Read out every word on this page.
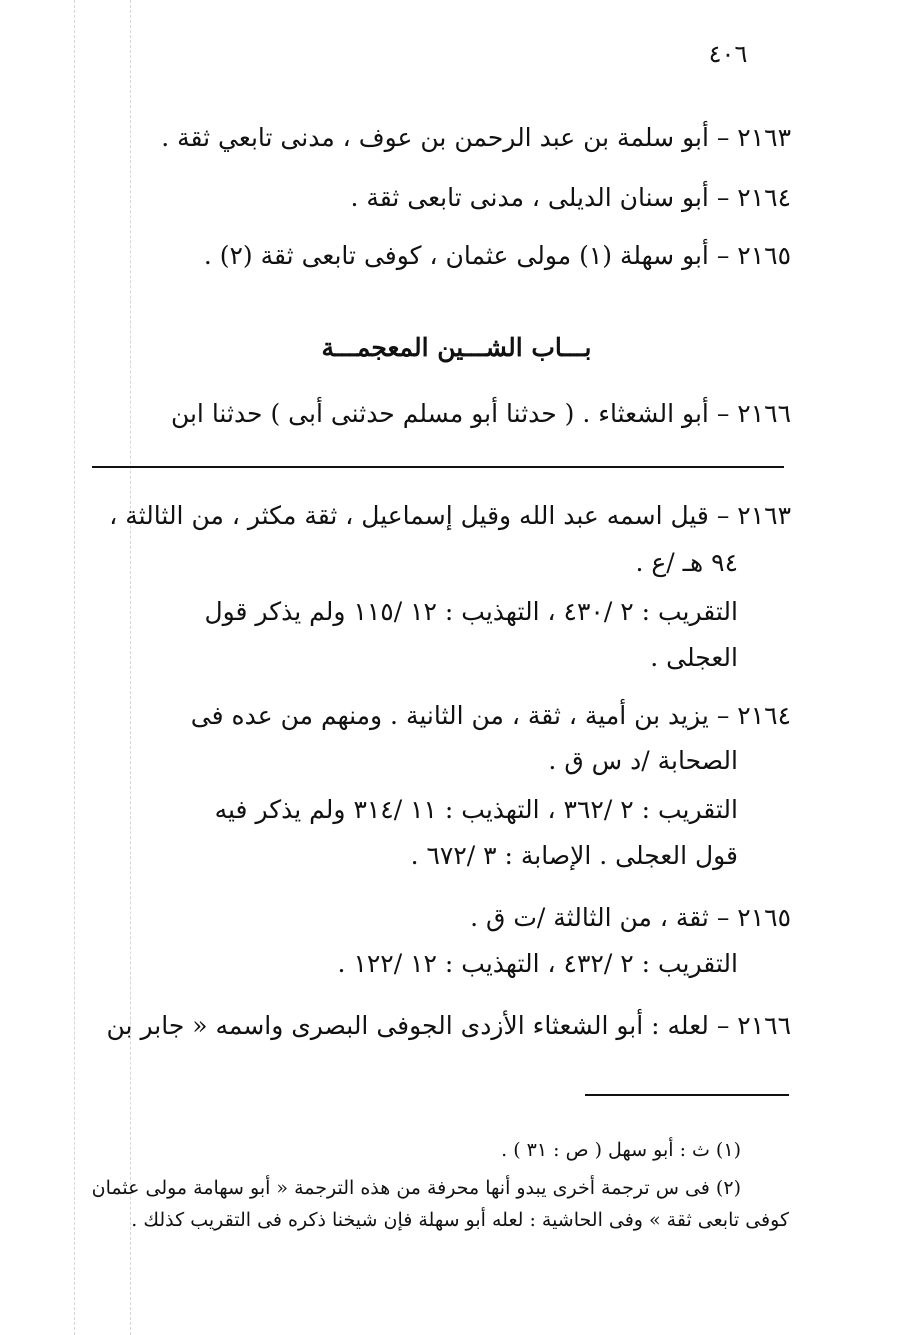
٤٠٦
٢١٦٣ – أبو سلمة بن عبد الرحمن بن عوف ، مدنى تابعي ثقة .
٢١٦٤ – أبو سنان الديلى ، مدنى تابعى ثقة .
٢١٦٥ – أبو سهلة (١) مولى عثمان ، كوفى تابعى ثقة (٢) .
بـــاب الشـــين المعجمـــة
٢١٦٦ – أبو الشعثاء . ( حدثنا أبو مسلم حدثنى أبى ) حدثنا ابن
٢١٦٣ – قيل اسمه عبد الله وقيل إسماعيل ، ثقة مكثر ، من الثالثة ،
٩٤ هـ /ع .
التقريب : ٢ /٤٣٠ ، التهذيب : ١٢ /١١٥ ولم يذكر قول
العجلى .
٢١٦٤ – يزيد بن أمية ، ثقة ، من الثانية . ومنهم من عده فى
الصحابة /د س ق .
التقريب : ٢ /٣٦٢ ، التهذيب : ١١ /٣١٤ ولم يذكر فيه
قول العجلى . الإصابة : ٣ /٦٧٢ .
٢١٦٥ – ثقة ، من الثالثة /ت ق .
التقريب : ٢ /٤٣٢ ، التهذيب : ١٢ /١٢٢ .
٢١٦٦ – لعله : أبو الشعثاء الأزدى الجوفى البصرى واسمه « جابر بن
(١) ث : أبو سهل ( ص : ٣١ ) .
(٢) فى س ترجمة أخرى يبدو أنها محرفة من هذه الترجمة « أبو سهامة مولى عثمان
كوفى تابعى ثقة » وفى الحاشية : لعله أبو سهلة فإن شيخنا ذكره فى التقريب كذلك .
